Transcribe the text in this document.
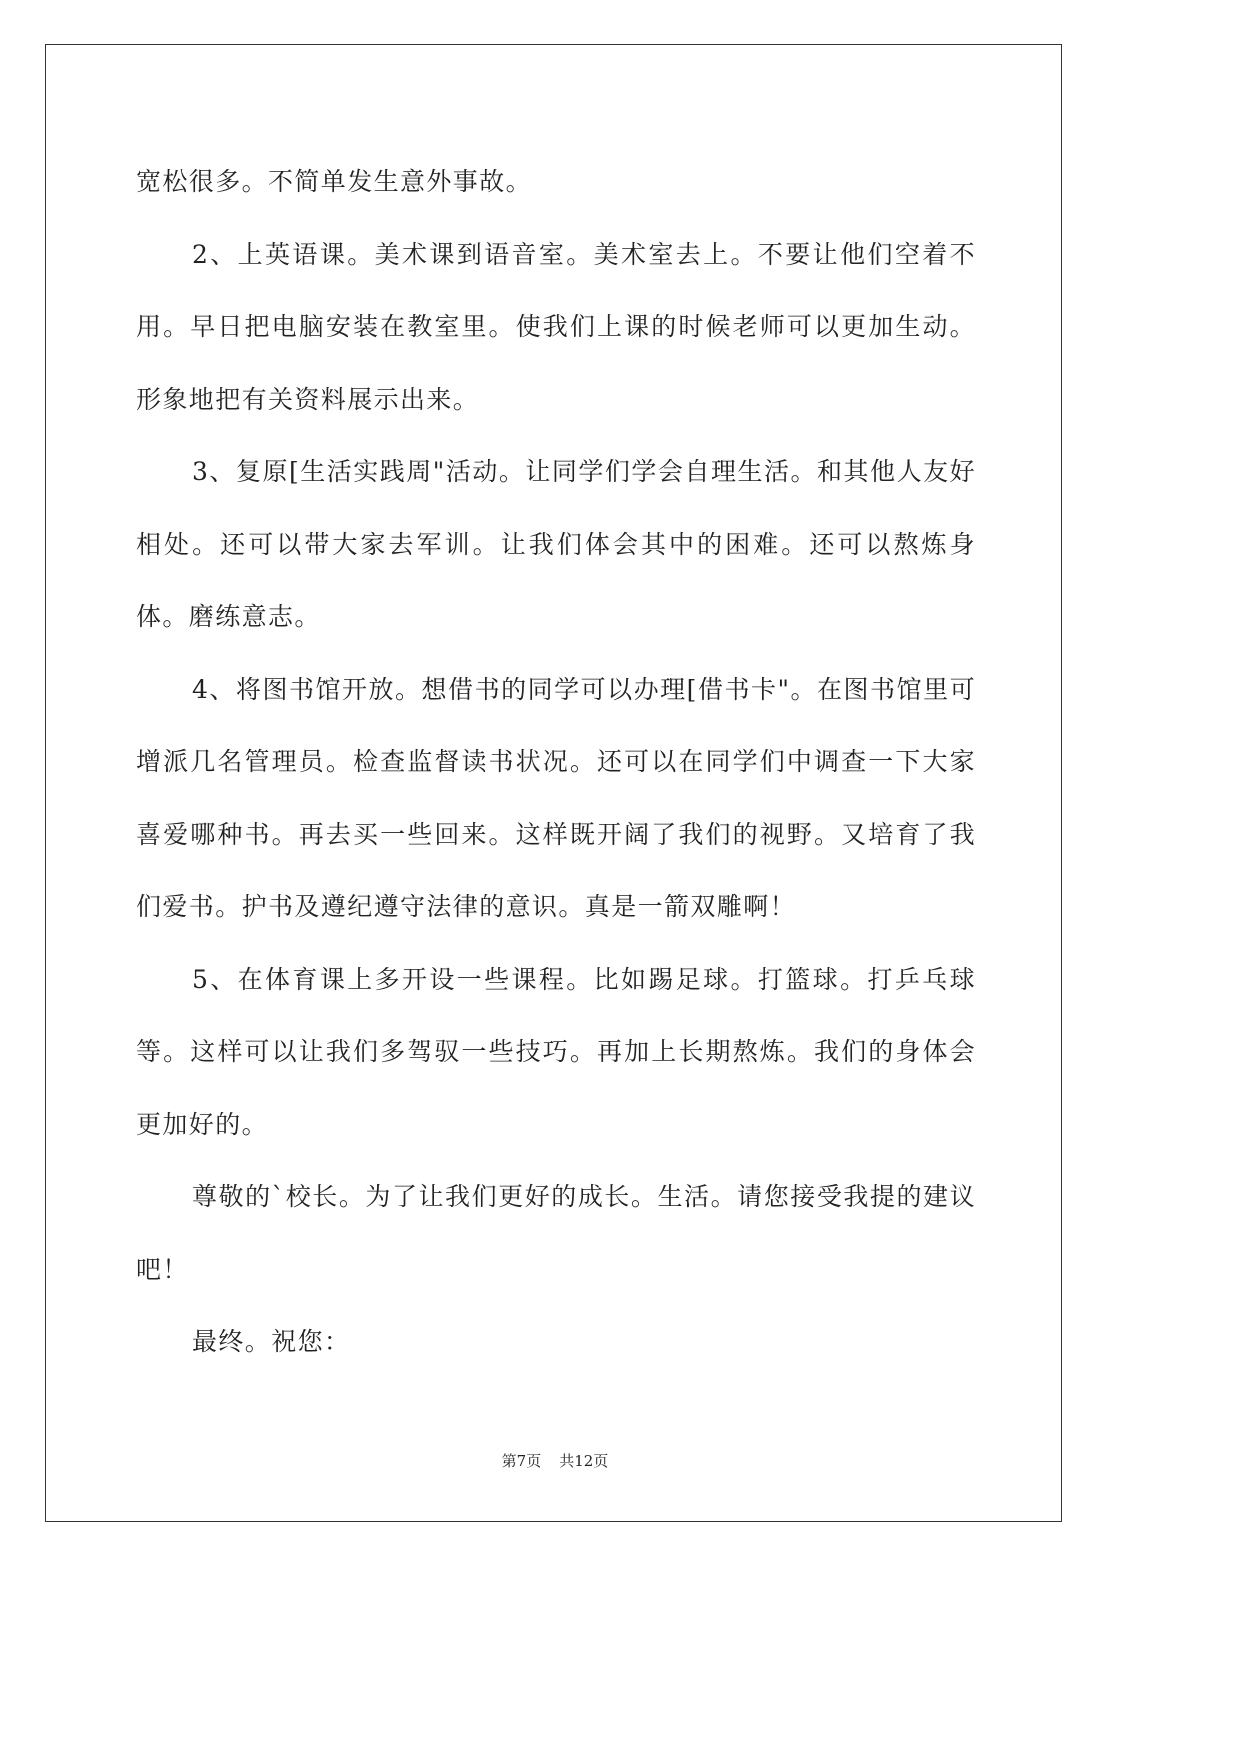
宽松很多。不简单发生意外事故。

2、上英语课。美术课到语音室。美术室去上。不要让他们空着不用。早日把电脑安装在教室里。使我们上课的时候老师可以更加生动。形象地把有关资料展示出来。

3、复原[生活实践周"活动。让同学们学会自理生活。和其他人友好相处。还可以带大家去军训。让我们体会其中的困难。还可以熬炼身体。磨练意志。

4、将图书馆开放。想借书的同学可以办理[借书卡"。在图书馆里可增派几名管理员。检查监督读书状况。还可以在同学们中调查一下大家喜爱哪种书。再去买一些回来。这样既开阔了我们的视野。又培育了我们爱书。护书及遵纪遵守法律的意识。真是一箭双雕啊！

5、在体育课上多开设一些课程。比如踢足球。打篮球。打乒乓球等。这样可以让我们多驾驭一些技巧。再加上长期熬炼。我们的身体会更加好的。

尊敬的`校长。为了让我们更好的成长。生活。请您接受我提的建议吧！

最终。祝您：

第7页 共12页
